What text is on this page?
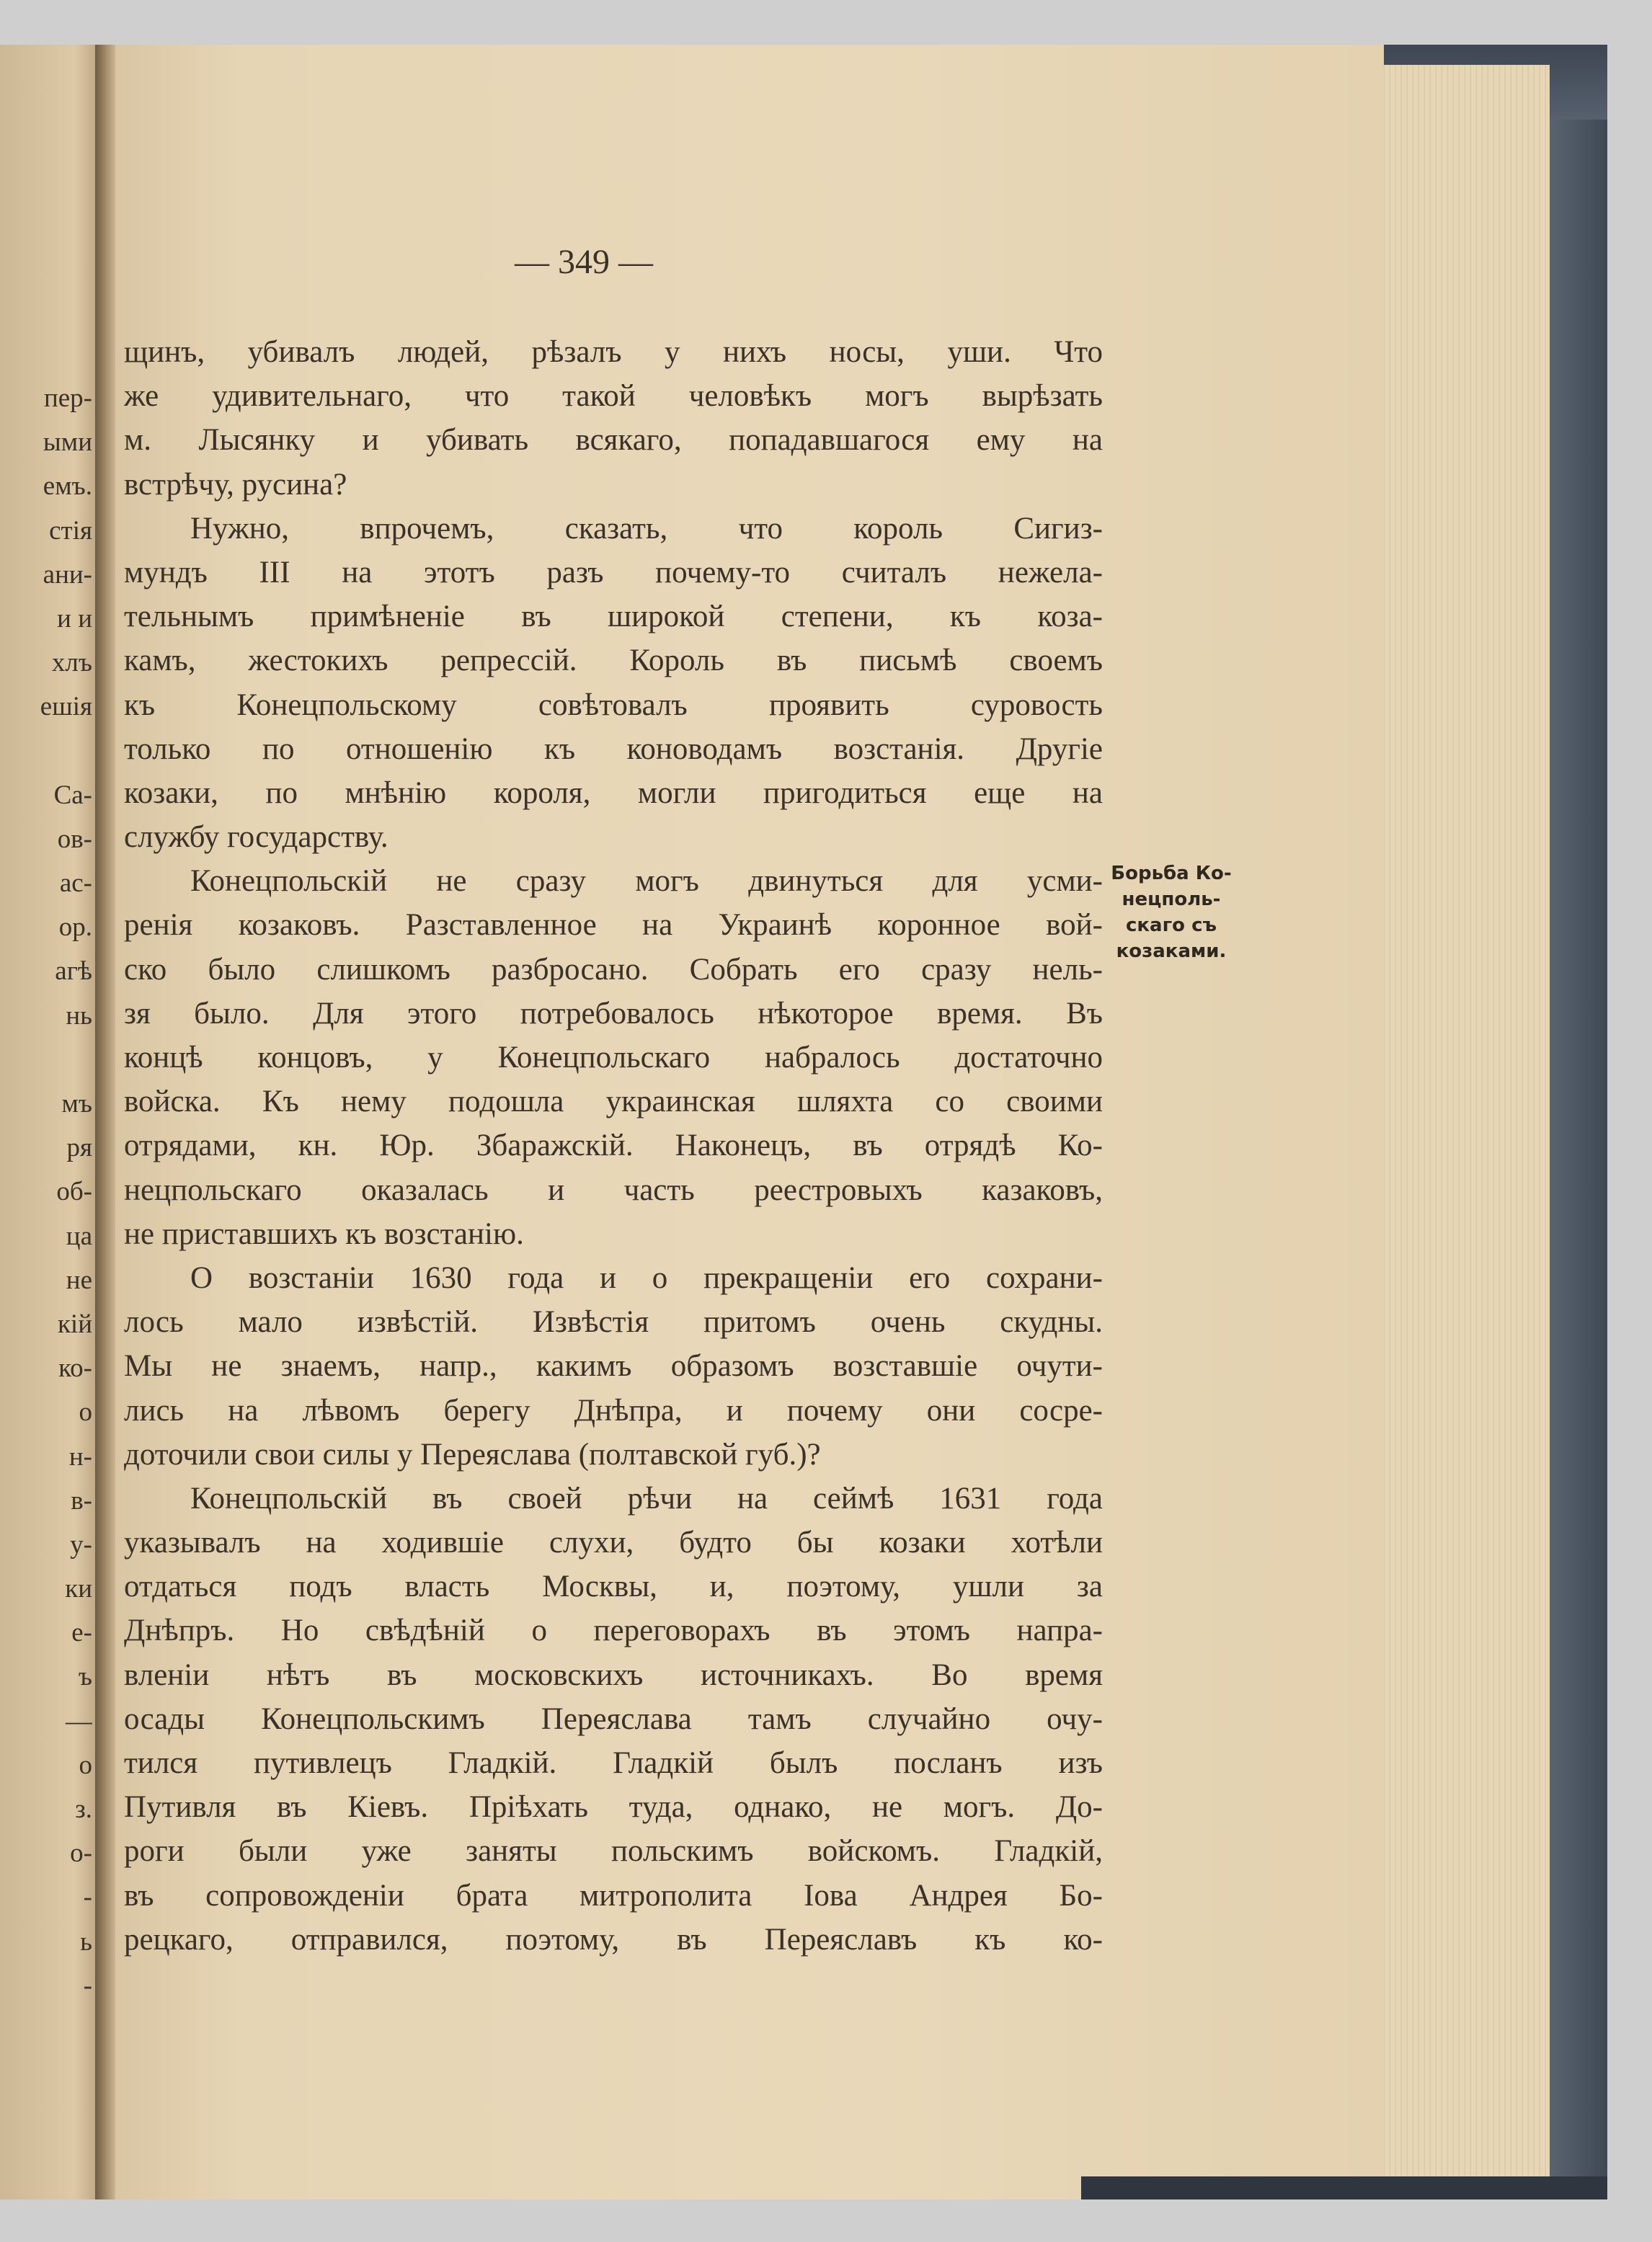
пер-
ыми
емъ.
стія
ани-
и и
хлъ
ешія
Са-
ов-
ас-
ор.
агѣ
нь
мъ
ря
об-
ца
не
кій
ко-
о
н-
в-
у-
ки
е-
ъ
—
о
з.
о-
-
ь
-
— 349 —
щинъ, убивалъ людей, рѣзалъ у нихъ носы, уши. Что
же удивительнаго, что такой человѣкъ могъ вырѣзать
м. Лысянку и убивать всякаго, попадавшагося ему на
встрѣчу, русина?
Нужно, впрочемъ, сказать, что король Сигиз-
мундъ III на этотъ разъ почему-то считалъ нежела-
тельнымъ примѣненіе въ широкой степени, къ коза-
камъ, жестокихъ репрессій. Король въ письмѣ своемъ
къ Конецпольскому совѣтовалъ проявить суровость
только по отношенію къ коноводамъ возстанія. Другіе
козаки, по мнѣнію короля, могли пригодиться еще на
службу государству.
Конецпольскій не сразу могъ двинуться для усми-
ренія козаковъ. Разставленное на Украинѣ коронное вой-
ско было слишкомъ разбросано. Собрать его сразу нель-
зя было. Для этого потребовалось нѣкоторое время. Въ
концѣ концовъ, у Конецпольскаго набралось достаточно
войска. Къ нему подошла украинская шляхта со своими
отрядами, кн. Юр. Збаражскій. Наконецъ, въ отрядѣ Ко-
нецпольскаго оказалась и часть реестровыхъ казаковъ,
не приставшихъ къ возстанію.
О возстаніи 1630 года и о прекращеніи его сохрани-
лось мало извѣстій. Извѣстія притомъ очень скудны.
Мы не знаемъ, напр., какимъ образомъ возставшіе очути-
лись на лѣвомъ берегу Днѣпра, и почему они сосре-
доточили свои силы у Переяслава (полтавской губ.)?
Конецпольскій въ своей рѣчи на сеймѣ 1631 года
указывалъ на ходившіе слухи, будто бы козаки хотѣли
отдаться подъ власть Москвы, и, поэтому, ушли за
Днѣпръ. Но свѣдѣній о переговорахъ въ этомъ напра-
вленіи нѣтъ въ московскихъ источникахъ. Во время
осады Конецпольскимъ Переяслава тамъ случайно очу-
тился путивлецъ Гладкій. Гладкій былъ посланъ изъ
Путивля въ Кіевъ. Пріѣхать туда, однако, не могъ. До-
роги были уже заняты польскимъ войскомъ. Гладкій,
въ сопровожденіи брата митрополита Іова Андрея Бо-
рецкаго, отправился, поэтому, въ Переяславъ къ ко-
Борьба Ко-
нецполь-
скаго съ
козаками.
